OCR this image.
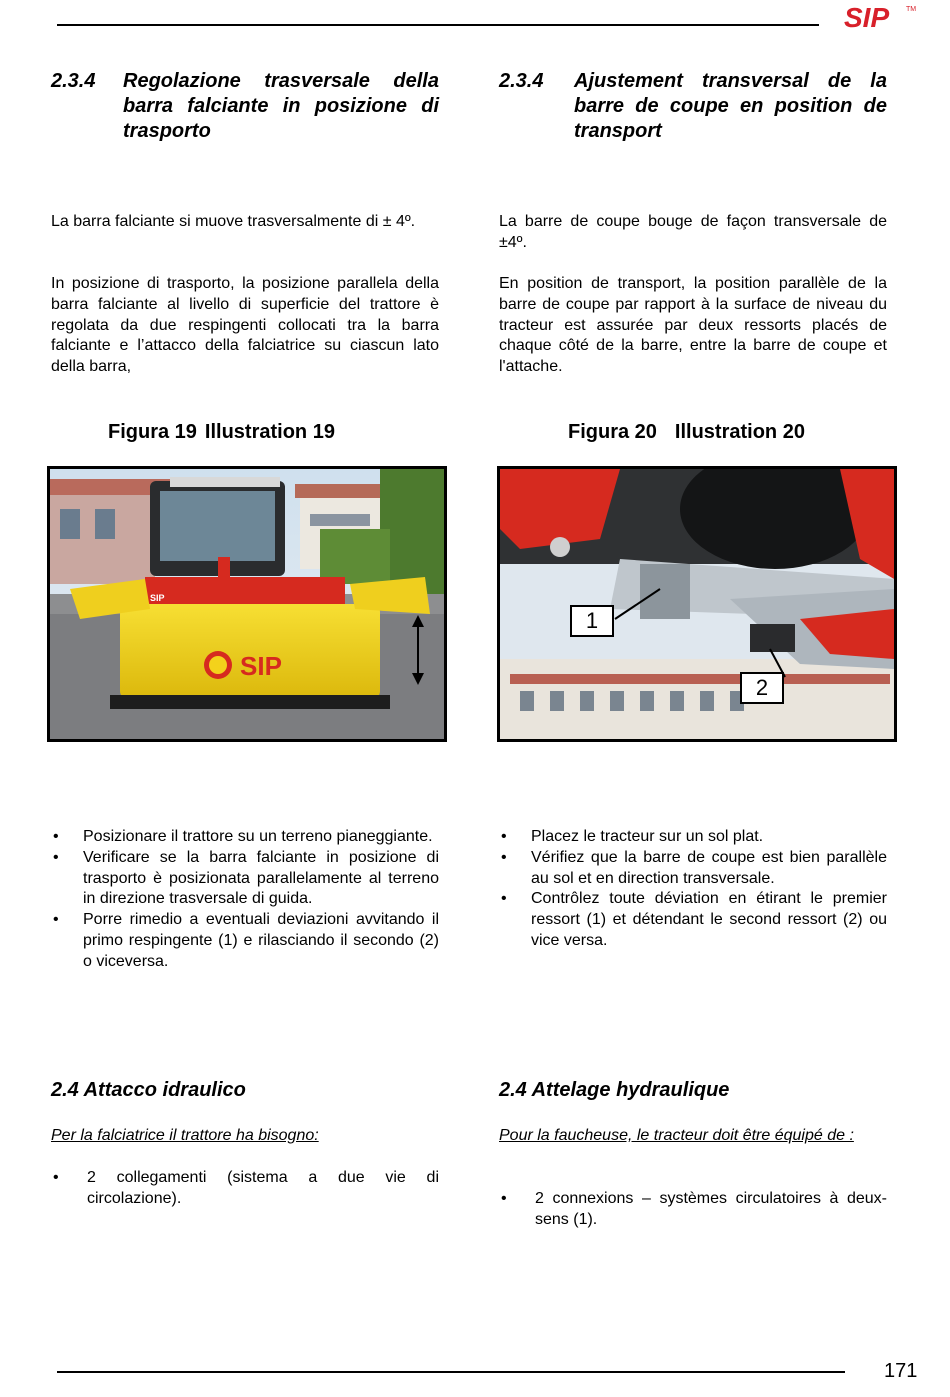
SIP TM
2.3.4 Regolazione trasversale della barra falciante in posizione di trasporto
2.3.4 Ajustement transversal de la barre de coupe en position de transport
La barra falciante si muove trasversalmente di ± 4º.	La barre de coupe bouge de façon transversale de ±4º.
In posizione di trasporto, la posizione parallela della barra falciante al livello di superficie del trattore è regolata da due respingenti collocati tra la barra falciante e l’attacco della falciatrice su ciascun lato della barra,
En position de transport, la position parallèle de la barre de coupe par rapport à la surface de niveau du tracteur est assurée par deux ressorts placés de chaque côté de la barre, entre la barre de coupe et l'attache.
Figura 19 Illustration 19	Figura 20 Illustration 20
SIP
SIP
1
2
• Posizionare il trattore su un terreno pianeggiante.
• Verificare se la barra falciante in posizione di trasporto è posizionata parallelamente al terreno in direzione trasversale di guida.
• Porre rimedio a eventuali deviazioni avvitando il primo respingente (1) e rilasciando il secondo (2) o viceversa.
• Placez le tracteur sur un sol plat.
• Vérifiez que la barre de coupe est bien parallèle au sol et en direction transversale.
• Contrôlez toute déviation en étirant le premier ressort (1) et détendant le second ressort (2) ou vice versa.
2.4 Attacco idraulico	2.4 Attelage hydraulique
Per la falciatrice il trattore ha bisogno:	Pour la faucheuse, le tracteur doit être équipé de :
• 2 collegamenti (sistema a due vie di circolazione).
•	2 connexions – systèmes circulatoires à deux-sens (1).
171
